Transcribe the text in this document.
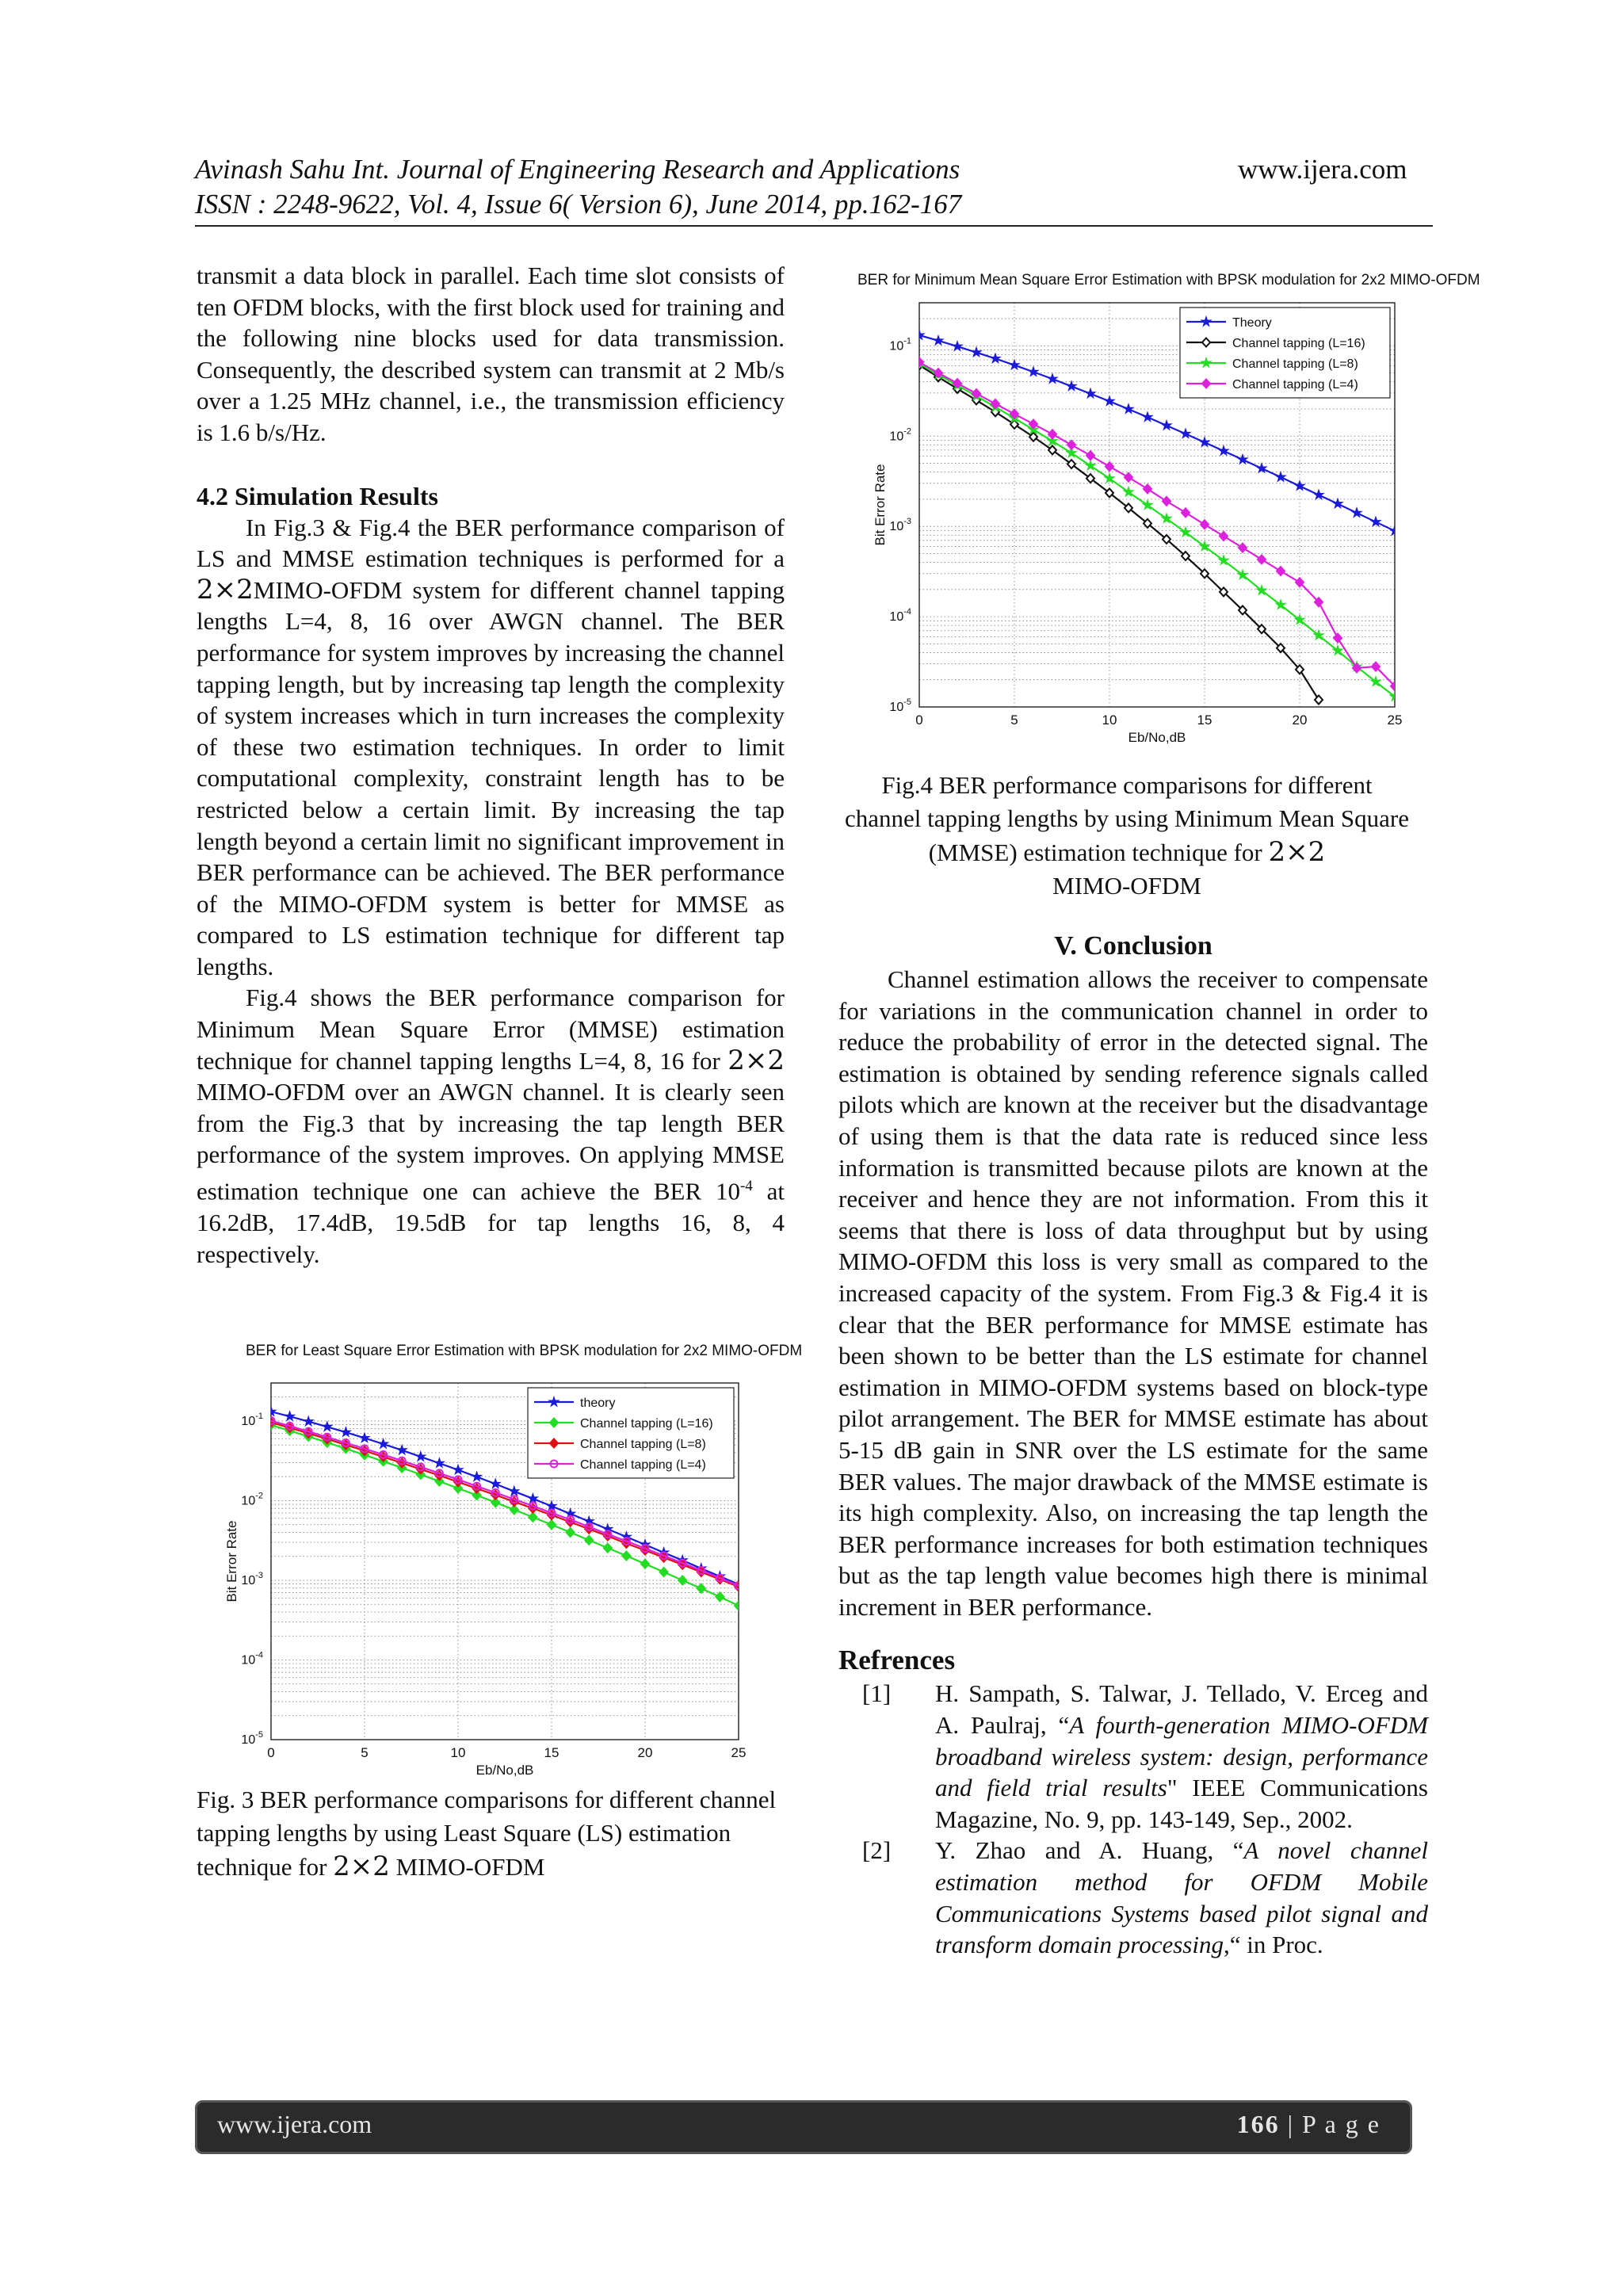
Avinash Sahu Int. Journal of Engineering Research and Applications	www.ijera.com
ISSN : 2248-9622, Vol. 4, Issue 6( Version 6), June 2014, pp.162-167

transmit a data block in parallel. Each time slot consists of ten OFDM blocks, with the first block used for training and the following nine blocks used for data transmission. Consequently, the described system can transmit at 2 Mb/s over a 1.25 MHz channel, i.e., the transmission efficiency is 1.6 b/s/Hz.

4.2 Simulation Results

In Fig.3 & Fig.4 the BER performance comparison of LS and MMSE estimation techniques is performed for a 2×2MIMO-OFDM system for different channel tapping lengths L=4, 8, 16 over AWGN channel. The BER performance for system improves by increasing the channel tapping length, but by increasing tap length the complexity of system increases which in turn increases the complexity of these two estimation techniques. In order to limit computational complexity, constraint length has to be restricted below a certain limit. By increasing the tap length beyond a certain limit no significant improvement in BER performance can be achieved. The BER performance of the MIMO-OFDM system is better for MMSE as compared to LS estimation technique for different tap lengths.

Fig.4 shows the BER performance comparison for Minimum Mean Square Error (MMSE) estimation technique for channel tapping lengths L=4, 8, 16 for 2×2 MIMO-OFDM over an AWGN channel. It is clearly seen from the Fig.3 that by increasing the tap length BER performance of the system improves. On applying MMSE estimation technique one can achieve the BER $10^{-4}$ at 16.2dB, 17.4dB, 19.5dB for tap lengths 16, 8, 4 respectively.

BER for Least Square Error Estimation with BPSK modulation for 2x2 MIMO-OFDM
0	5	10	15	20	25
$10^{-1}$
$10^{-2}$
$10^{-3}$
$10^{-4}$
$10^{-5}$
Eb/No,dB
Bit Error Rate
theory
Channel tapping (L=16)
Channel tapping (L=8)
Channel tapping (L=4)
Fig. 3 BER performance comparisons for different channel tapping lengths by using Least Square (LS) estimation technique for 2×2 MIMO-OFDM
BER for Minimum Mean Square Error Estimation with BPSK modulation for 2x2 MIMO-OFDM
0	5	10	15	20	25
$10^{-1}$
$10^{-2}$
$10^{-3}$
$10^{-4}$
$10^{-5}$
Eb/No,dB
Bit Error Rate
Theory
Channel tapping (L=16)
Channel tapping (L=8)
Channel tapping (L=4)
Fig.4 BER performance comparisons for different channel tapping lengths by using Minimum Mean Square (MMSE) estimation technique for 2×2
MIMO-OFDM

V. Conclusion

Channel estimation allows the receiver to compensate for variations in the communication channel in order to reduce the probability of error in the detected signal. The estimation is obtained by sending reference signals called pilots which are known at the receiver but the disadvantage of using them is that the data rate is reduced since less information is transmitted because pilots are known at the receiver and hence they are not information. From this it seems that there is loss of data throughput but by using MIMO-OFDM this loss is very small as compared to the increased capacity of the system. From Fig.3 & Fig.4 it is clear that the BER performance for MMSE estimate has been shown to be better than the LS estimate for channel estimation in MIMO-OFDM systems based on block-type pilot arrangement. The BER for MMSE estimate has about 5-15 dB gain in SNR over the LS estimate for the same BER values. The major drawback of the MMSE estimate is its high complexity. Also, on increasing the tap length the BER performance increases for both estimation techniques but as the tap length value becomes high there is minimal increment in BER performance.

Refrences

[1] H. Sampath, S. Talwar, J. Tellado, V. Erceg and A. Paulraj, “A fourth-generation MIMO-OFDM broadband wireless system: design, performance and field trial results" IEEE Communications Magazine, No. 9, pp. 143-149, Sep., 2002.
[2] Y. Zhao and A. Huang, “A novel channel estimation method for OFDM Mobile Communications Systems based pilot signal and transform domain processing,“ in Proc.
www.ijera.com	166 | P a g e
